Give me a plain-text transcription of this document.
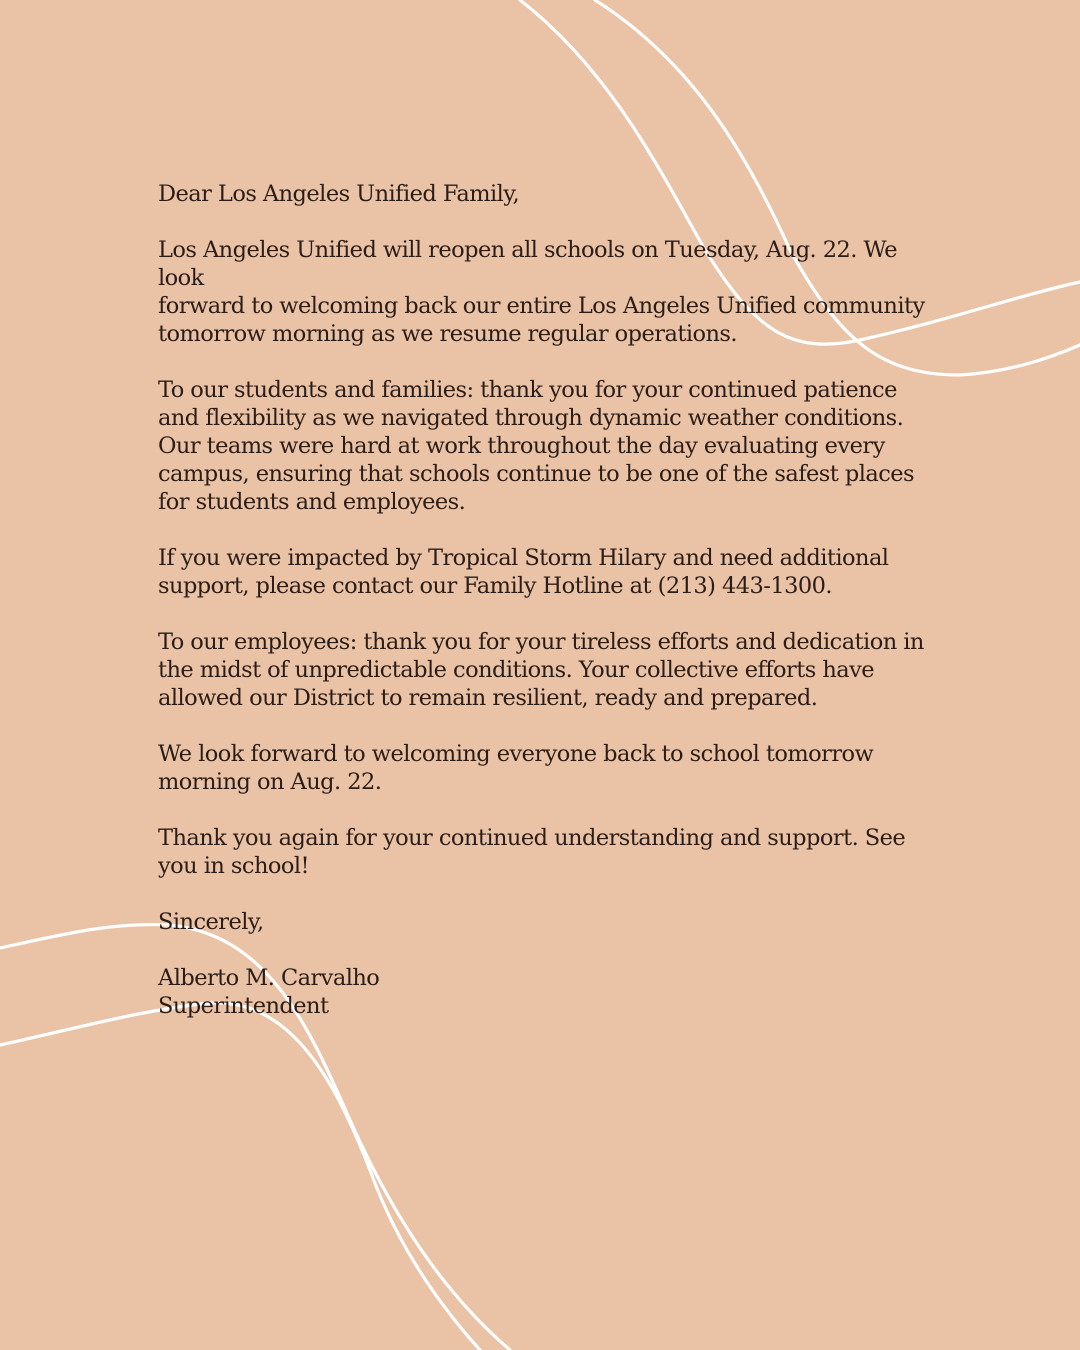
Dear Los Angeles Unified Family,

Los Angeles Unified will reopen all schools on Tuesday, Aug. 22. We look
forward to welcoming back our entire Los Angeles Unified community
tomorrow morning as we resume regular operations.

To our students and families: thank you for your continued patience
and flexibility as we navigated through dynamic weather conditions.
Our teams were hard at work throughout the day evaluating every
campus, ensuring that schools continue to be one of the safest places
for students and employees.

If you were impacted by Tropical Storm Hilary and need additional
support, please contact our Family Hotline at (213) 443-1300.

To our employees: thank you for your tireless efforts and dedication in
the midst of unpredictable conditions. Your collective efforts have
allowed our District to remain resilient, ready and prepared.

We look forward to welcoming everyone back to school tomorrow
morning on Aug. 22.

Thank you again for your continued understanding and support. See
you in school!

Sincerely,

Alberto M. Carvalho
Superintendent
